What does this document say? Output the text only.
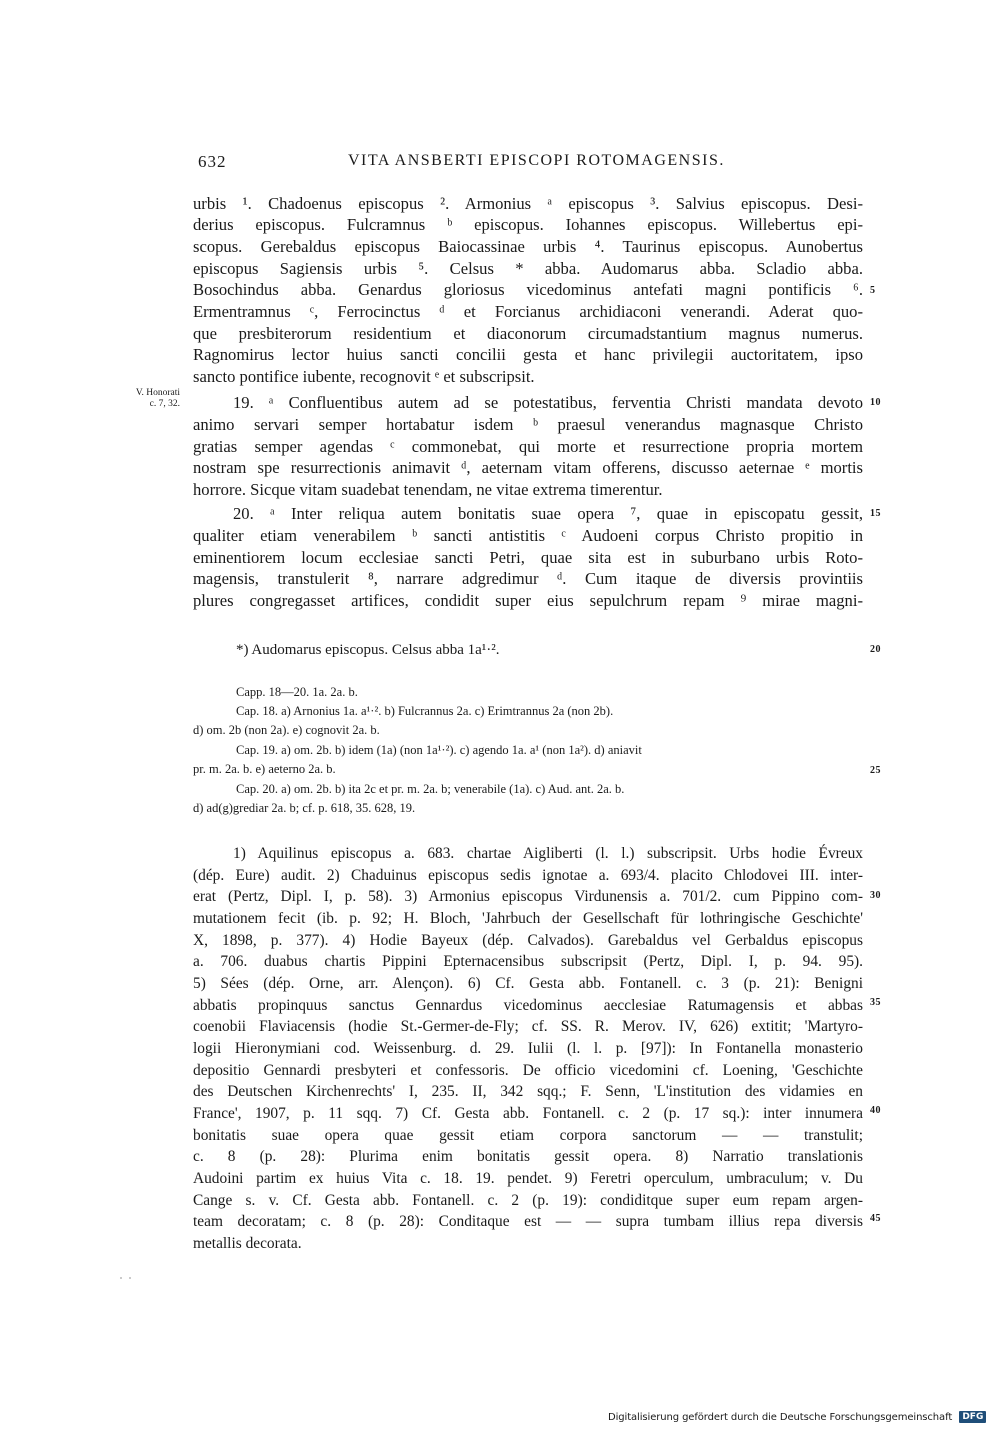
632	VITA ANSBERTI EPISCOPI ROTOMAGENSIS.
V. Honorati
c. 7, 32.
urbis ¹. Chadoenus episcopus ². Armonius ᵃ episcopus ³. Salvius episcopus. Desi-
derius episcopus. Fulcramnus ᵇ episcopus. Iohannes episcopus. Willebertus epi-
scopus. Gerebaldus episcopus Baiocassinae urbis ⁴. Taurinus episcopus. Aunobertus
episcopus Sagiensis urbis ⁵. Celsus * abba. Audomarus abba. Scladio abba.
Bosochindus abba. Genardus gloriosus vicedominus antefati magni pontificis ⁶.
Ermentramnus ᶜ, Ferrocinctus ᵈ et Forcianus archidiaconi venerandi. Aderat quo-
que presbiterorum residentium et diaconorum circumadstantium magnus numerus.
Ragnomirus lector huius sancti concilii gesta et hanc privilegii auctoritatem, ipso
sancto pontifice iubente, recognovit ᵉ et subscripsit.
19. ᵃ Confluentibus autem ad se potestatibus, ferventia Christi mandata devoto
animo servari semper hortabatur isdem ᵇ praesul venerandus magnasque Christo
gratias semper agendas ᶜ commonebat, qui morte et resurrectione propria mortem
nostram spe resurrectionis animavit ᵈ, aeternam vitam offerens, discusso aeternae ᵉ mortis
horrore. Sicque vitam suadebat tenendam, ne vitae extrema timerentur.
20. ᵃ Inter reliqua autem bonitatis suae opera ⁷, quae in episcopatu gessit,
qualiter etiam venerabilem ᵇ sancti antistitis ᶜ Audoeni corpus Christo propitio in
eminentiorem locum ecclesiae sancti Petri, quae sita est in suburbano urbis Roto-
magensis, transtulerit ⁸, narrare adgredimur ᵈ. Cum itaque de diversis provintiis
plures congregasset artifices, condidit super eius sepulchrum repam ⁹ mirae magni-
5
10
15
20
25
30
35
40
45
*) Audomarus episcopus. Celsus abba 1a¹·².
Capp. 18—20. 1a. 2a. b.
Cap. 18. a) Arnonius 1a. a¹·². b) Fulcrannus 2a. c) Erimtrannus 2a (non 2b).
d) om. 2b (non 2a). e) cognovit 2a. b.
Cap. 19. a) om. 2b. b) idem (1a) (non 1a¹·²). c) agendo 1a. a¹ (non 1a²). d) aniavit
pr. m. 2a. b. e) aeterno 2a. b.
Cap. 20. a) om. 2b. b) ita 2c et pr. m. 2a. b; venerabile (1a). c) Aud. ant. 2a. b.
d) ad(g)grediar 2a. b; cf. p. 618, 35. 628, 19.
1) Aquilinus episcopus a. 683. chartae Aigliberti (l. l.) subscripsit. Urbs hodie Évreux
(dép. Eure) audit. 2) Chaduinus episcopus sedis ignotae a. 693/4. placito Chlodovei III. inter-
erat (Pertz, Dipl. I, p. 58). 3) Armonius episcopus Virdunensis a. 701/2. cum Pippino com-
mutationem fecit (ib. p. 92; H. Bloch, 'Jahrbuch der Gesellschaft für lothringische Geschichte'
X, 1898, p. 377). 4) Hodie Bayeux (dép. Calvados). Garebaldus vel Gerbaldus episcopus
a. 706. duabus chartis Pippini Epternacensibus subscripsit (Pertz, Dipl. I, p. 94. 95).
5) Sées (dép. Orne, arr. Alençon). 6) Cf. Gesta abb. Fontanell. c. 3 (p. 21): Benigni
abbatis propinquus sanctus Gennardus vicedominus aecclesiae Ratumagensis et abbas
coenobii Flaviacensis (hodie St.-Germer-de-Fly; cf. SS. R. Merov. IV, 626) extitit; 'Martyro-
logii Hieronymiani cod. Weissenburg. d. 29. Iulii (l. l. p. [97]): In Fontanella monasterio
depositio Gennardi presbyteri et confessoris. De officio vicedomini cf. Loening, 'Geschichte
des Deutschen Kirchenrechts' I, 235. II, 342 sqq.; F. Senn, 'L'institution des vidamies en
France', 1907, p. 11 sqq. 7) Cf. Gesta abb. Fontanell. c. 2 (p. 17 sq.): inter innumera
bonitatis suae opera quae gessit etiam corpora sanctorum — — transtulit;
c. 8 (p. 28): Plurima enim bonitatis gessit opera. 8) Narratio translationis
Audoini partim ex huius Vita c. 18. 19. pendet. 9) Feretri operculum, umbraculum; v. Du
Cange s. v. Cf. Gesta abb. Fontanell. c. 2 (p. 19): condiditque super eum repam argen-
team decoratam; c. 8 (p. 28): Conditaque est — — supra tumbam illius repa diversis
metallis decorata.
Digitalisierung gefördert durch die Deutsche Forschungsgemeinschaft DFG
